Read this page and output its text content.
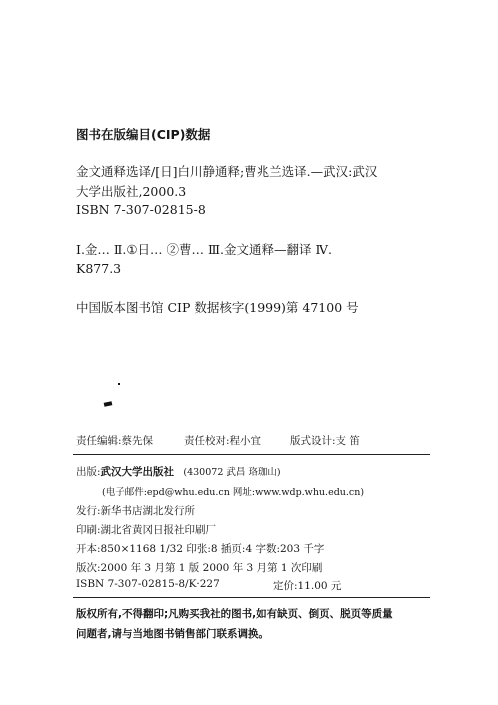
图书在版编目(CIP)数据
金文通释选译/[日]白川静通释;曹兆兰选译.—武汉:武汉
大学出版社,2000.3
ISBN 7-307-02815-8
Ⅰ.金… Ⅱ.①日… ②曹… Ⅲ.金文通释—翻译 Ⅳ.
K877.3
中国版本图书馆 CIP 数据核字(1999)第 47100 号
责任编辑:蔡先保	责任校对:程小宜	版式设计:支 笛
出版:武汉大学出版社 (430072 武昌 珞珈山)
(电子邮件:epd@whu.edu.cn 网址:www.wdp.whu.edu.cn)
发行:新华书店湖北发行所
印刷:湖北省黄冈日报社印刷厂
开本:850×1168 1/32 印张:8 插页:4 字数:203 千字
版次:2000 年 3 月第 1 版 2000 年 3 月第 1 次印刷
ISBN 7-307-02815-8/K·227	定价:11.00 元
版权所有,不得翻印;凡购买我社的图书,如有缺页、倒页、脱页等质量
问题者,请与当地图书销售部门联系调换。
